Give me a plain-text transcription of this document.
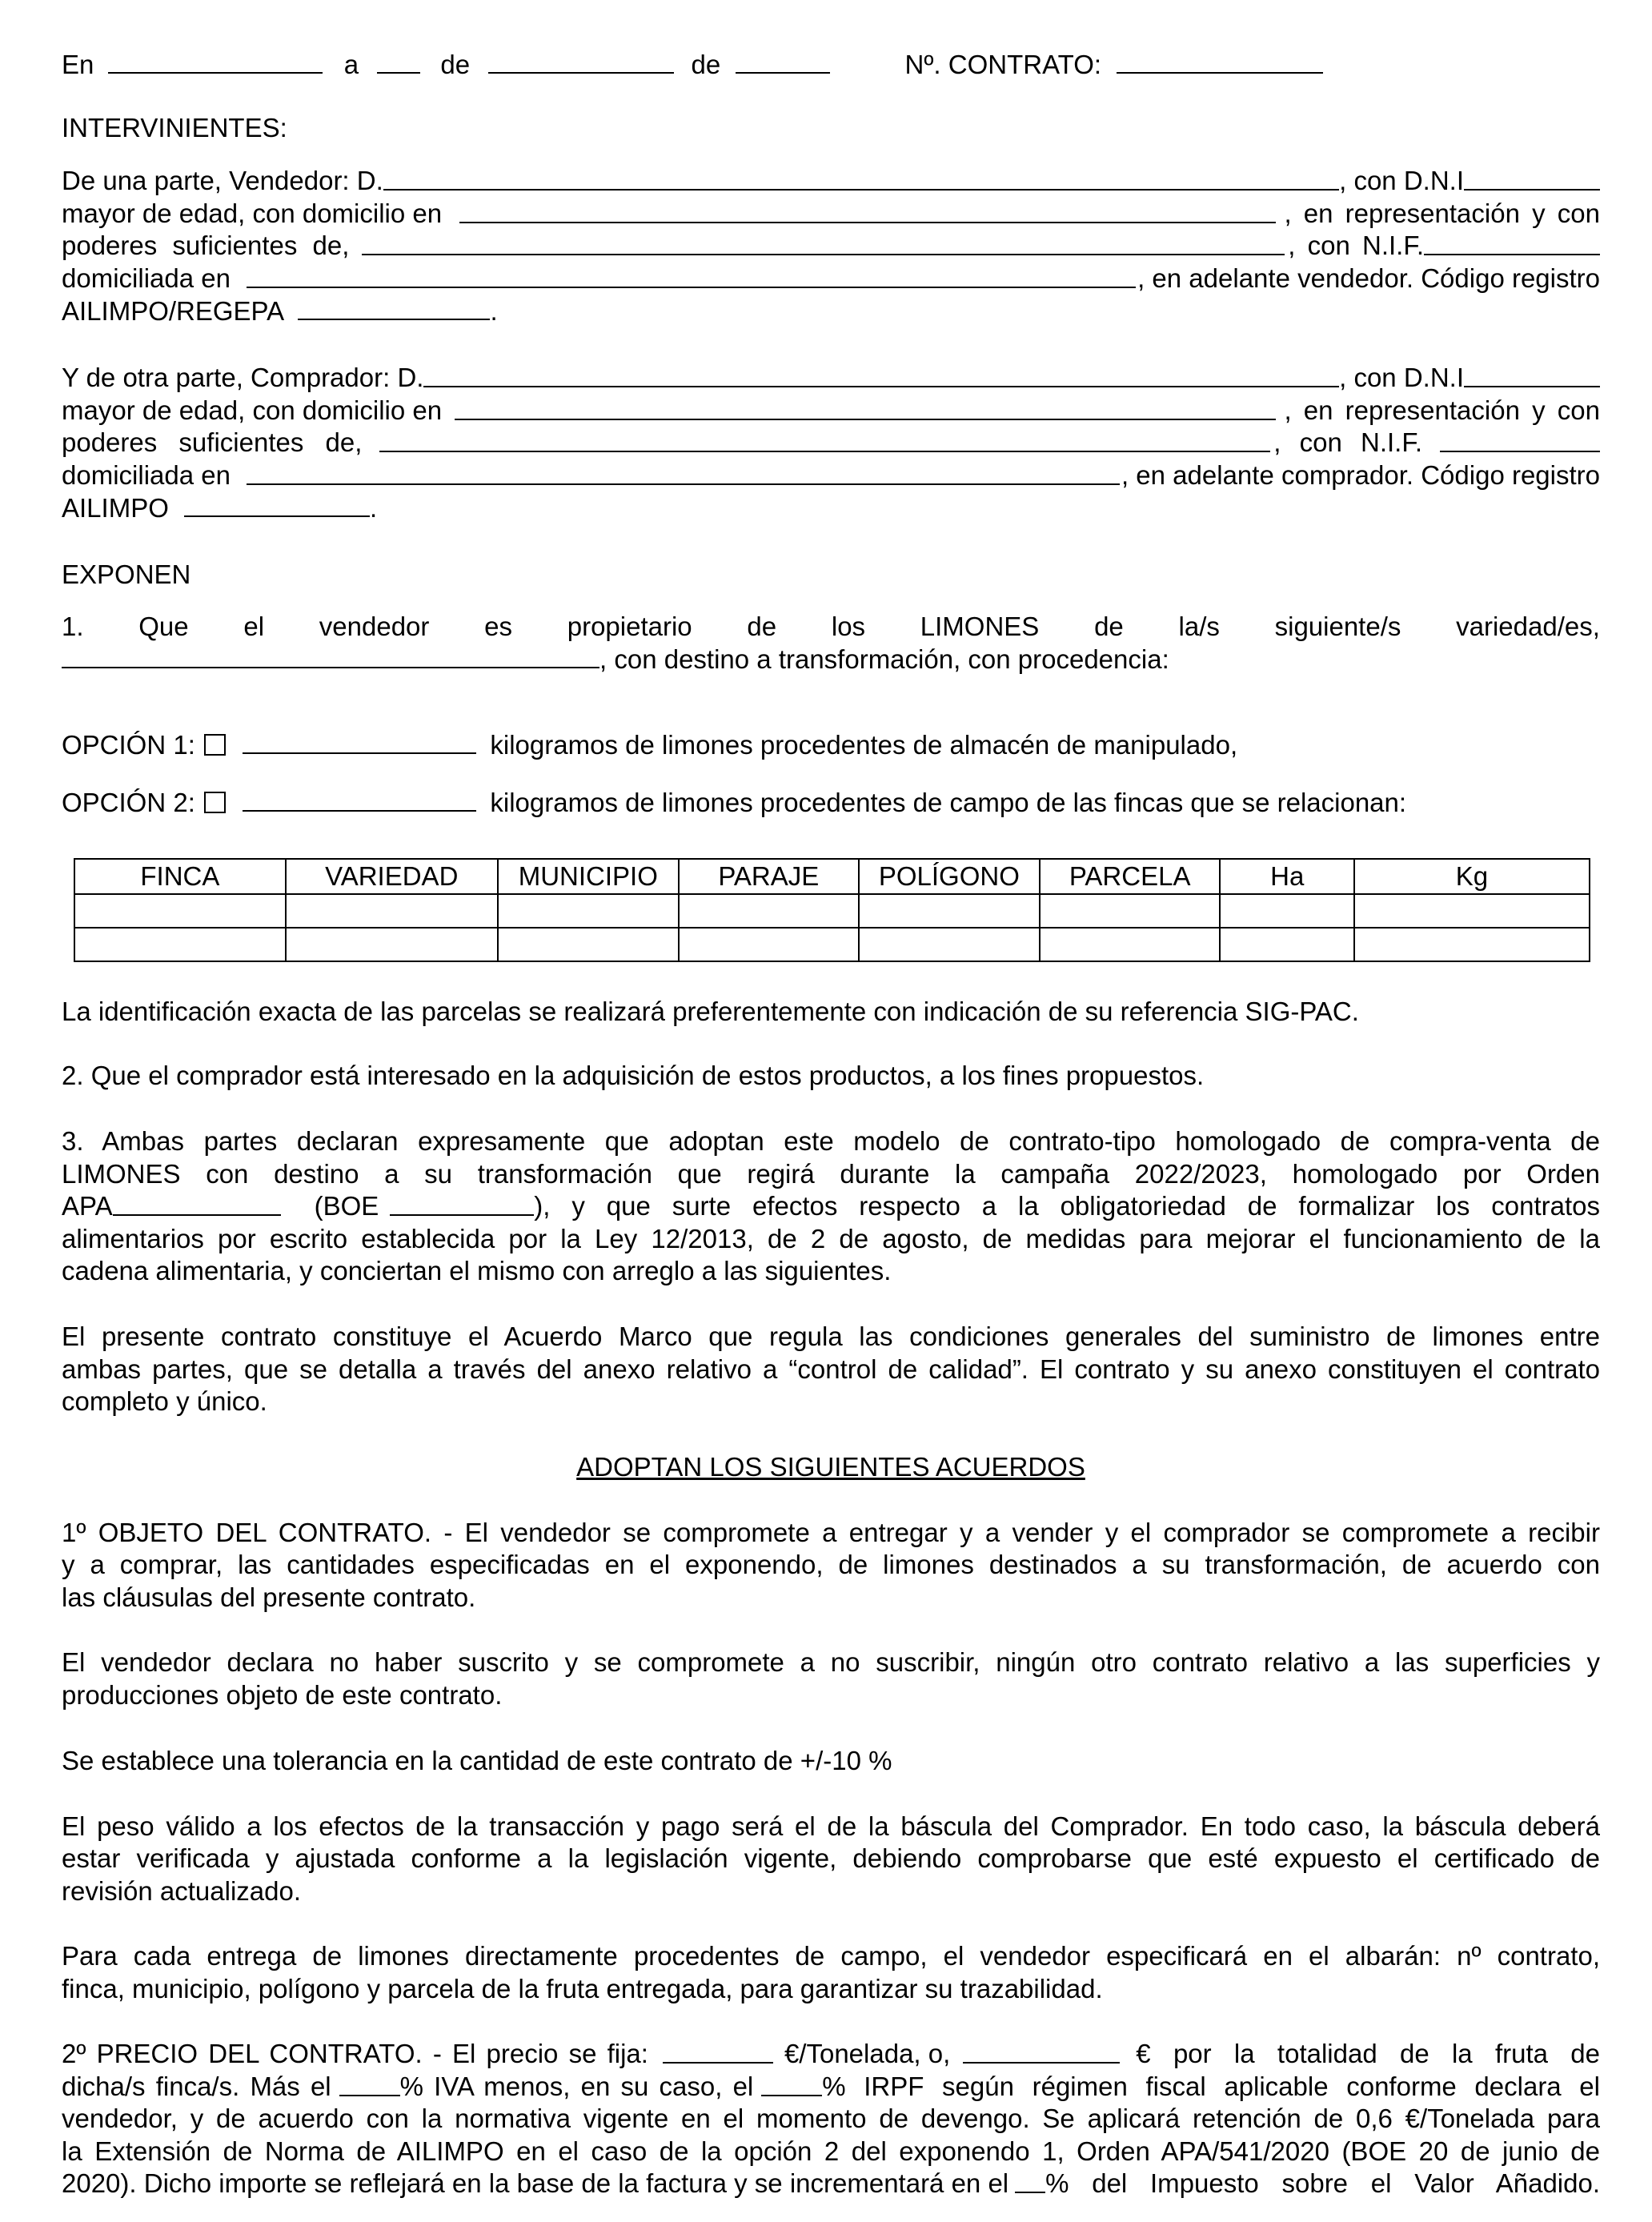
En	a	de	de	Nº. CONTRATO:
INTERVINIENTES:
De una parte, Vendedor: D.	, con D.N.I
mayor de edad, con domicilio en	, en representación y con
poderes suficientes de,	, con N.I.F.
domiciliada en	, en adelante vendedor. Código registro
AILIMPO/REGEPA	.
Y de otra parte, Comprador: D.	, con D.N.I
mayor de edad, con domicilio en	, en representación y con
poderes suficientes de,	, con N.I.F.
domiciliada en	, en adelante comprador. Código registro
AILIMPO	.
EXPONEN
1. Que el vendedor es propietario de los LIMONES de la/s siguiente/s variedad/es,
, con destino a transformación, con procedencia:
OPCIÓN 1:	kilogramos de limones procedentes de almacén de manipulado,
OPCIÓN 2:	kilogramos de limones procedentes de campo de las fincas que se relacionan:
FINCA	VARIEDAD	MUNICIPIO	PARAJE	POLÍGONO	PARCELA	Ha	Kg

La identificación exacta de las parcelas se realizará preferentemente con indicación de su referencia SIG-PAC.
2. Que el comprador está interesado en la adquisición de estos productos, a los fines propuestos.
3. Ambas partes declaran expresamente que adoptan este modelo de contrato-tipo homologado de compra-venta de
LIMONES con destino a su transformación que regirá durante la campaña 2022/2023, homologado por Orden
APA	(BOE	), y que surte efectos respecto a la obligatoriedad de formalizar los contratos
alimentarios por escrito establecida por la Ley 12/2013, de 2 de agosto, de medidas para mejorar el funcionamiento de la
cadena alimentaria, y conciertan el mismo con arreglo a las siguientes.
El presente contrato constituye el Acuerdo Marco que regula las condiciones generales del suministro de limones entre
ambas partes, que se detalla a través del anexo relativo a “control de calidad”. El contrato y su anexo constituyen el contrato
completo y único.
ADOPTAN LOS SIGUIENTES ACUERDOS
1º OBJETO DEL CONTRATO. - El vendedor se compromete a entregar y a vender y el comprador se compromete a recibir
y a comprar, las cantidades especificadas en el exponendo, de limones destinados a su transformación, de acuerdo con
las cláusulas del presente contrato.
El vendedor declara no haber suscrito y se compromete a no suscribir, ningún otro contrato relativo a las superficies y
producciones objeto de este contrato.
Se establece una tolerancia en la cantidad de este contrato de +/-10 %
El peso válido a los efectos de la transacción y pago será el de la báscula del Comprador. En todo caso, la báscula deberá
estar verificada y ajustada conforme a la legislación vigente, debiendo comprobarse que esté expuesto el certificado de
revisión actualizado.
Para cada entrega de limones directamente procedentes de campo, el vendedor especificará en el albarán: nº contrato,
finca, municipio, polígono y parcela de la fruta entregada, para garantizar su trazabilidad.
2º PRECIO DEL CONTRATO. - El precio se fija:	€/Tonelada, o,	€ por la totalidad de la fruta de
dicha/s finca/s. Más el	% IVA menos, en su caso, el	% IRPF según régimen fiscal aplicable conforme declara el
vendedor, y de acuerdo con la normativa vigente en el momento de devengo. Se aplicará retención de 0,6 €/Tonelada para
la Extensión de Norma de AILIMPO en el caso de la opción 2 del exponendo 1, Orden APA/541/2020 (BOE 20 de junio de
2020). Dicho importe se reflejará en la base de la factura y se incrementará en el % del Impuesto sobre el Valor Añadido.
